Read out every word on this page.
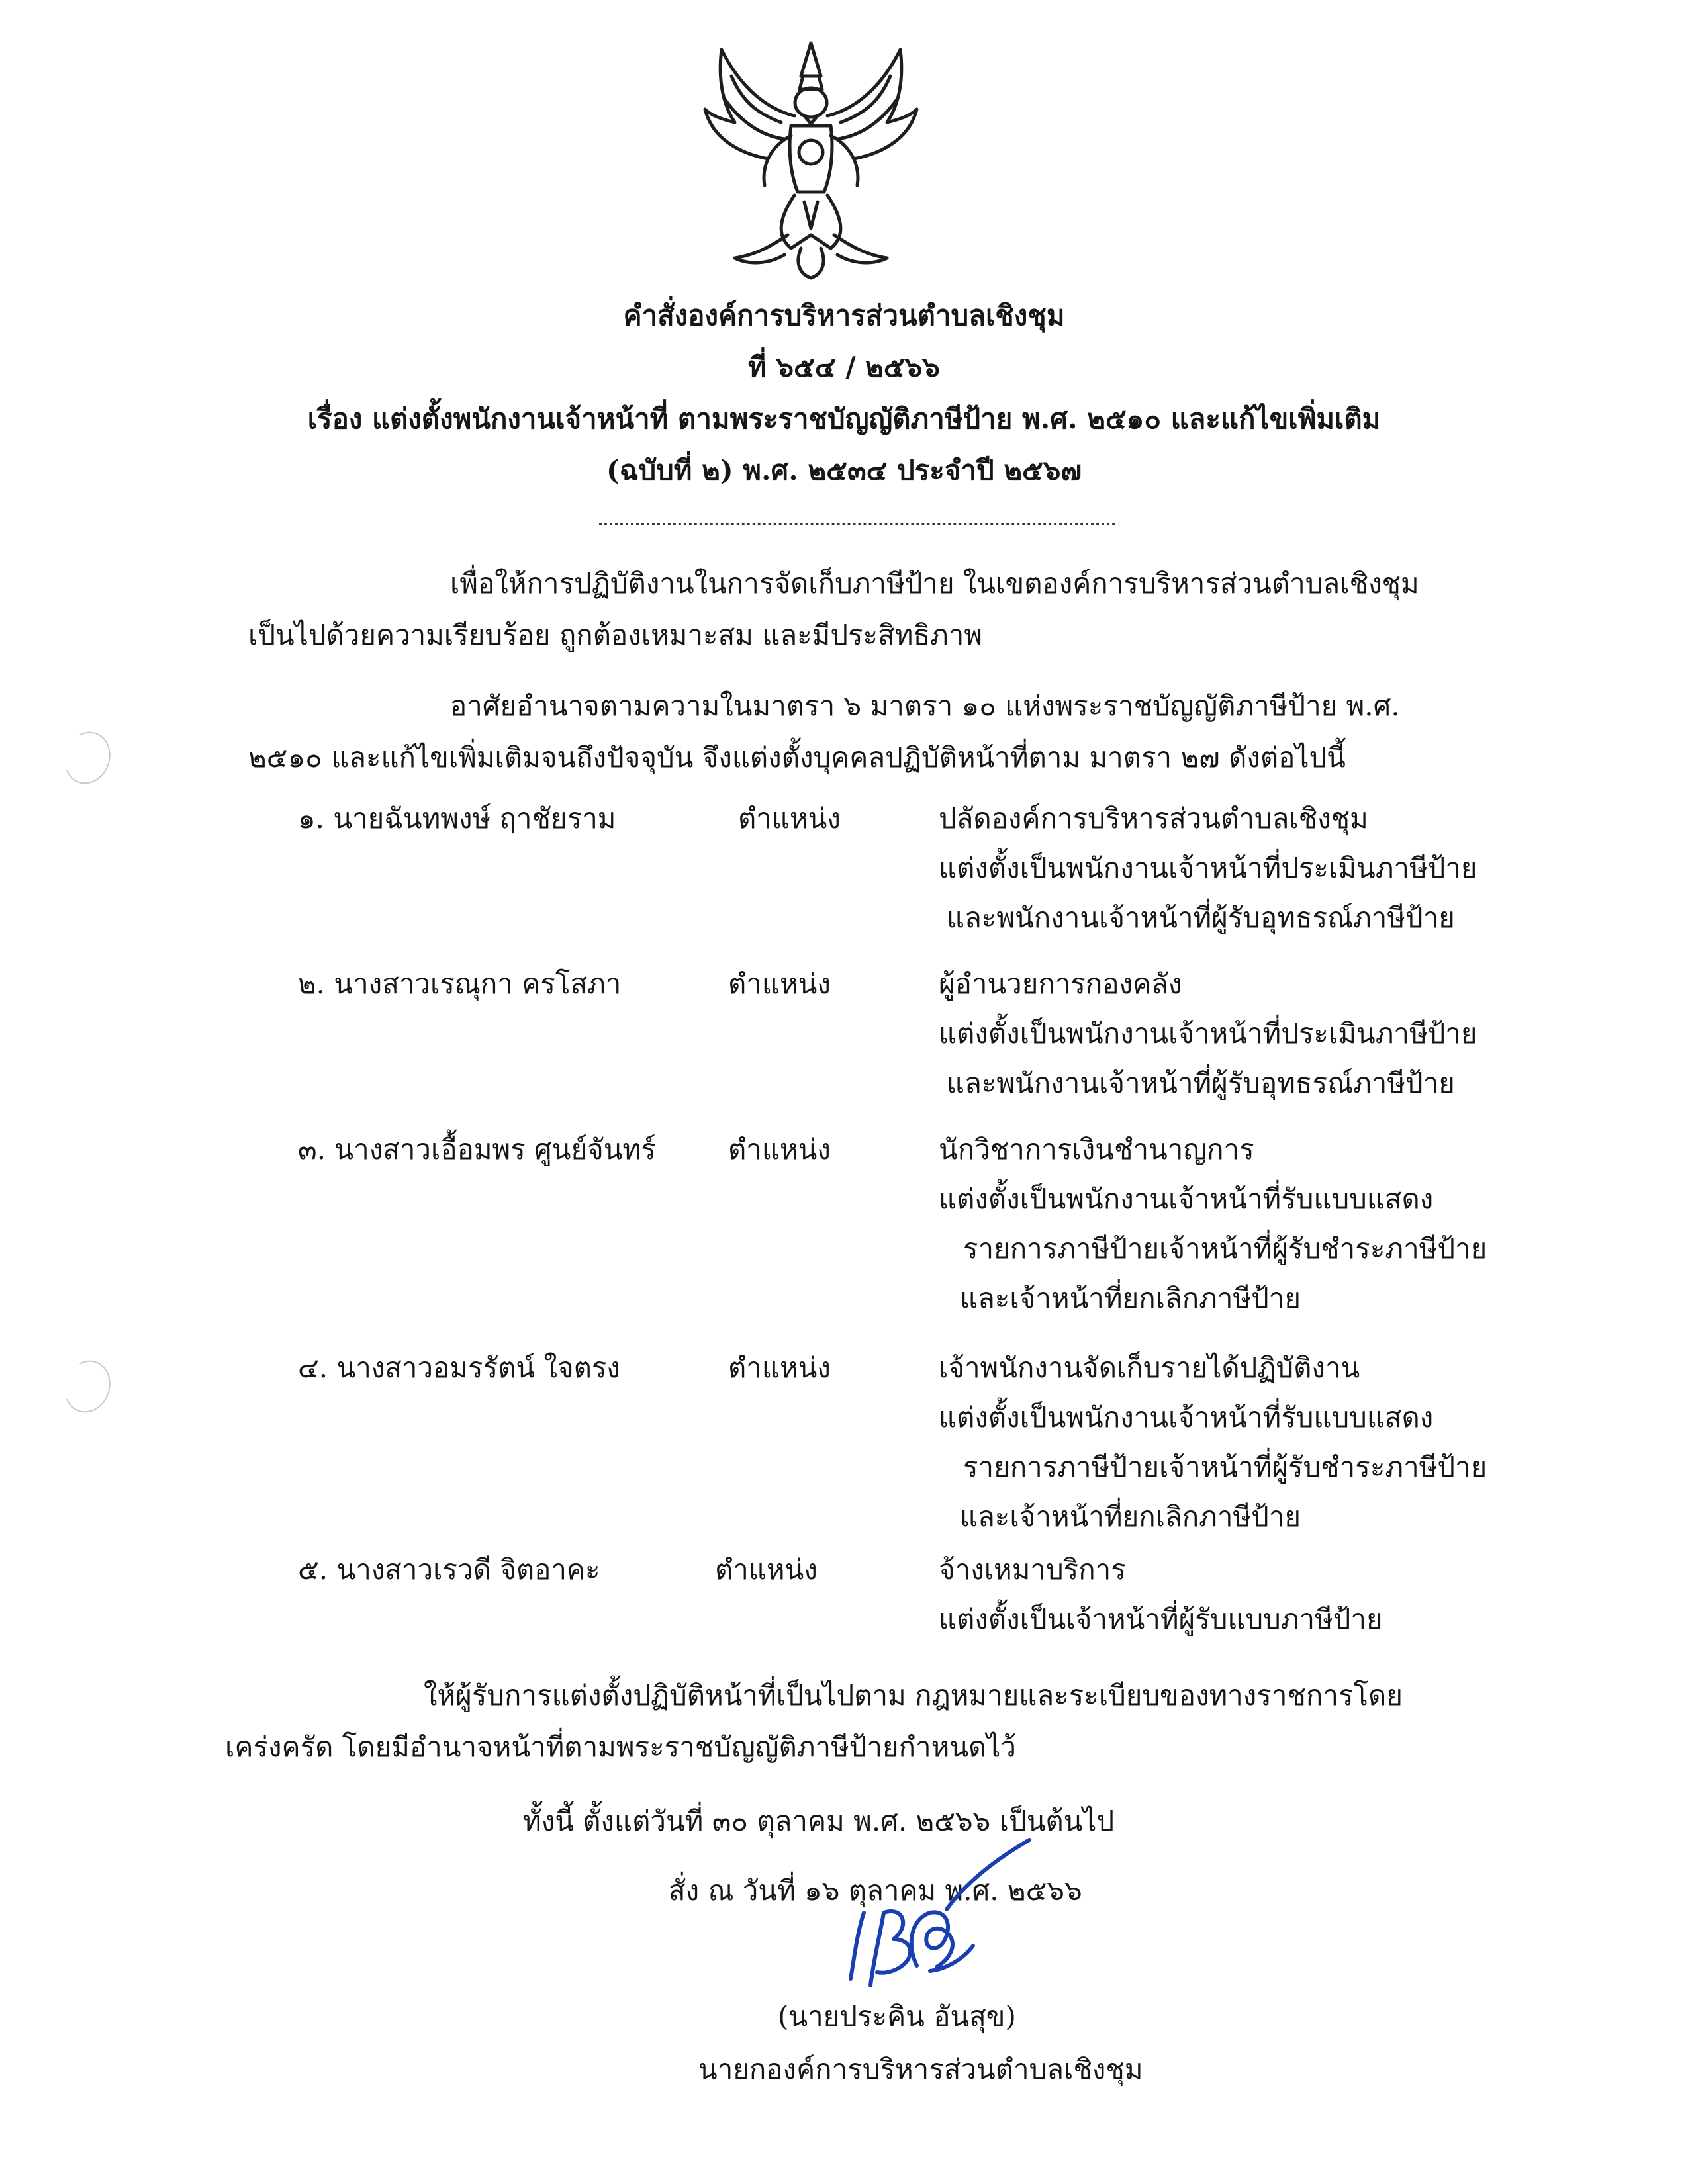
คำสั่งองค์การบริหารส่วนตำบลเชิงชุม
ที่ ๖๕๔ / ๒๕๖๖
เรื่อง แต่งตั้งพนักงานเจ้าหน้าที่ ตามพระราชบัญญัติภาษีป้าย พ.ศ. ๒๕๑๐ และแก้ไขเพิ่มเติม
(ฉบับที่ ๒) พ.ศ. ๒๕๓๔ ประจำปี ๒๕๖๗
เพื่อให้การปฏิบัติงานในการจัดเก็บภาษีป้าย ในเขตองค์การบริหารส่วนตำบลเชิงชุม
เป็นไปด้วยความเรียบร้อย ถูกต้องเหมาะสม และมีประสิทธิภาพ
อาศัยอำนาจตามความในมาตรา ๖ มาตรา ๑๐ แห่งพระราชบัญญัติภาษีป้าย พ.ศ.
๒๕๑๐ และแก้ไขเพิ่มเติมจนถึงปัจจุบัน จึงแต่งตั้งบุคคลปฏิบัติหน้าที่ตาม มาตรา ๒๗ ดังต่อไปนี้
๑. นายฉันทพงษ์ ฤาชัยราม	ตำแหน่ง	ปลัดองค์การบริหารส่วนตำบลเชิงชุม
แต่งตั้งเป็นพนักงานเจ้าหน้าที่ประเมินภาษีป้าย
และพนักงานเจ้าหน้าที่ผู้รับอุทธรณ์ภาษีป้าย
๒. นางสาวเรณุกา ครโสภา	ตำแหน่ง	ผู้อำนวยการกองคลัง
แต่งตั้งเป็นพนักงานเจ้าหน้าที่ประเมินภาษีป้าย
และพนักงานเจ้าหน้าที่ผู้รับอุทธรณ์ภาษีป้าย
๓. นางสาวเอื้อมพร ศูนย์จันทร์	ตำแหน่ง	นักวิชาการเงินชำนาญการ
แต่งตั้งเป็นพนักงานเจ้าหน้าที่รับแบบแสดง
รายการภาษีป้ายเจ้าหน้าที่ผู้รับชำระภาษีป้าย
และเจ้าหน้าที่ยกเลิกภาษีป้าย
๔. นางสาวอมรรัตน์ ใจตรง	ตำแหน่ง	เจ้าพนักงานจัดเก็บรายได้ปฏิบัติงาน
แต่งตั้งเป็นพนักงานเจ้าหน้าที่รับแบบแสดง
รายการภาษีป้ายเจ้าหน้าที่ผู้รับชำระภาษีป้าย
และเจ้าหน้าที่ยกเลิกภาษีป้าย
๕. นางสาวเรวดี จิตอาคะ	ตำแหน่ง	จ้างเหมาบริการ
แต่งตั้งเป็นเจ้าหน้าที่ผู้รับแบบภาษีป้าย
ให้ผู้รับการแต่งตั้งปฏิบัติหน้าที่เป็นไปตาม กฎหมายและระเบียบของทางราชการโดย
เคร่งครัด โดยมีอำนาจหน้าที่ตามพระราชบัญญัติภาษีป้ายกำหนดไว้
ทั้งนี้ ตั้งแต่วันที่ ๓๐ ตุลาคม พ.ศ. ๒๕๖๖ เป็นต้นไป
สั่ง ณ วันที่ ๑๖ ตุลาคม พ.ศ. ๒๕๖๖
(นายประคิน อันสุข)
นายกองค์การบริหารส่วนตำบลเชิงชุม
